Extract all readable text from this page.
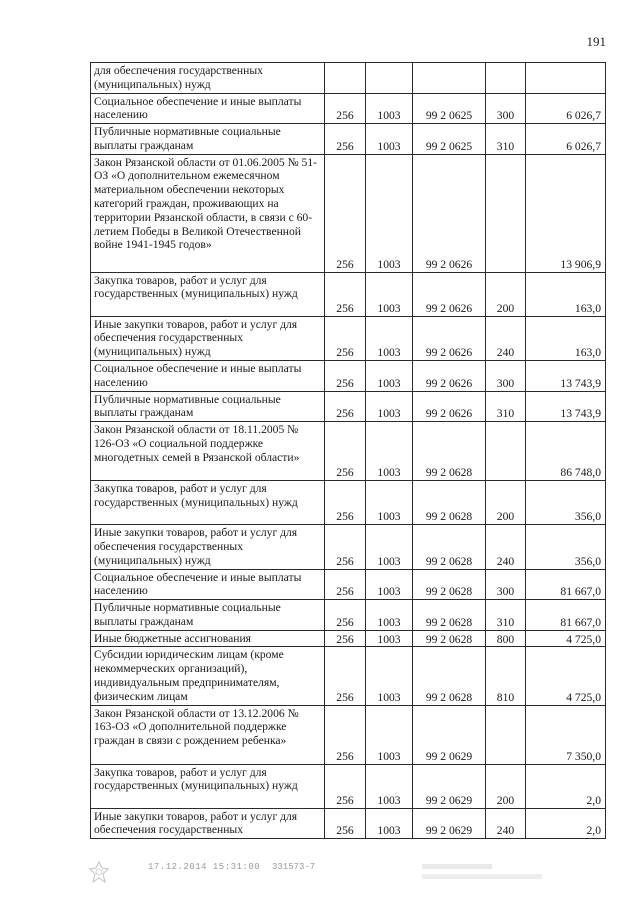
191
для обеспечения государственных (муниципальных) нужд					

Социальное обеспечение и иные выплаты населению	256	1003	99 2 0625	300	6 026,7
Публичные нормативные социальные выплаты гражданам	256	1003	99 2 0625	310	6 026,7
Закон Рязанской области от 01.06.2005 № 51-ОЗ «О дополнительном ежемесячном материальном обеспечении некоторых категорий граждан, проживающих на территории Рязанской области, в связи с 60-летием Победы в Великой Отечественной войне 1941-1945 годов»	256	1003	99 2 0626		13 906,9
Закупка товаров, работ и услуг для государственных (муниципальных) нужд	256	1003	99 2 0626	200	163,0
Иные закупки товаров, работ и услуг для обеспечения государственных (муниципальных) нужд	256	1003	99 2 0626	240	163,0
Социальное обеспечение и иные выплаты населению	256	1003	99 2 0626	300	13 743,9
Публичные нормативные социальные выплаты гражданам	256	1003	99 2 0626	310	13 743,9
Закон Рязанской области от 18.11.2005 № 126-ОЗ «О социальной поддержке многодетных семей в Рязанской области»	256	1003	99 2 0628		86 748,0
Закупка товаров, работ и услуг для государственных (муниципальных) нужд	256	1003	99 2 0628	200	356,0
Иные закупки товаров, работ и услуг для обеспечения государственных (муниципальных) нужд	256	1003	99 2 0628	240	356,0
Социальное обеспечение и иные выплаты населению	256	1003	99 2 0628	300	81 667,0
Публичные нормативные социальные выплаты гражданам	256	1003	99 2 0628	310	81 667,0
Иные бюджетные ассигнования	256	1003	99 2 0628	800	4 725,0
Субсидии юридическим лицам (кроме некоммерческих организаций), индивидуальным предпринимателям, физическим лицам	256	1003	99 2 0628	810	4 725,0
Закон Рязанской области от 13.12.2006 № 163-ОЗ «О дополнительной поддержке граждан в связи с рождением ребенка»	256	1003	99 2 0629		7 350,0
Закупка товаров, работ и услуг для государственных (муниципальных) нужд	256	1003	99 2 0629	200	2,0
Иные закупки товаров, работ и услуг для обеспечения государственных	256	1003	99 2 0629	240	2,0
17.12.2014 15:31:00 331573-7
